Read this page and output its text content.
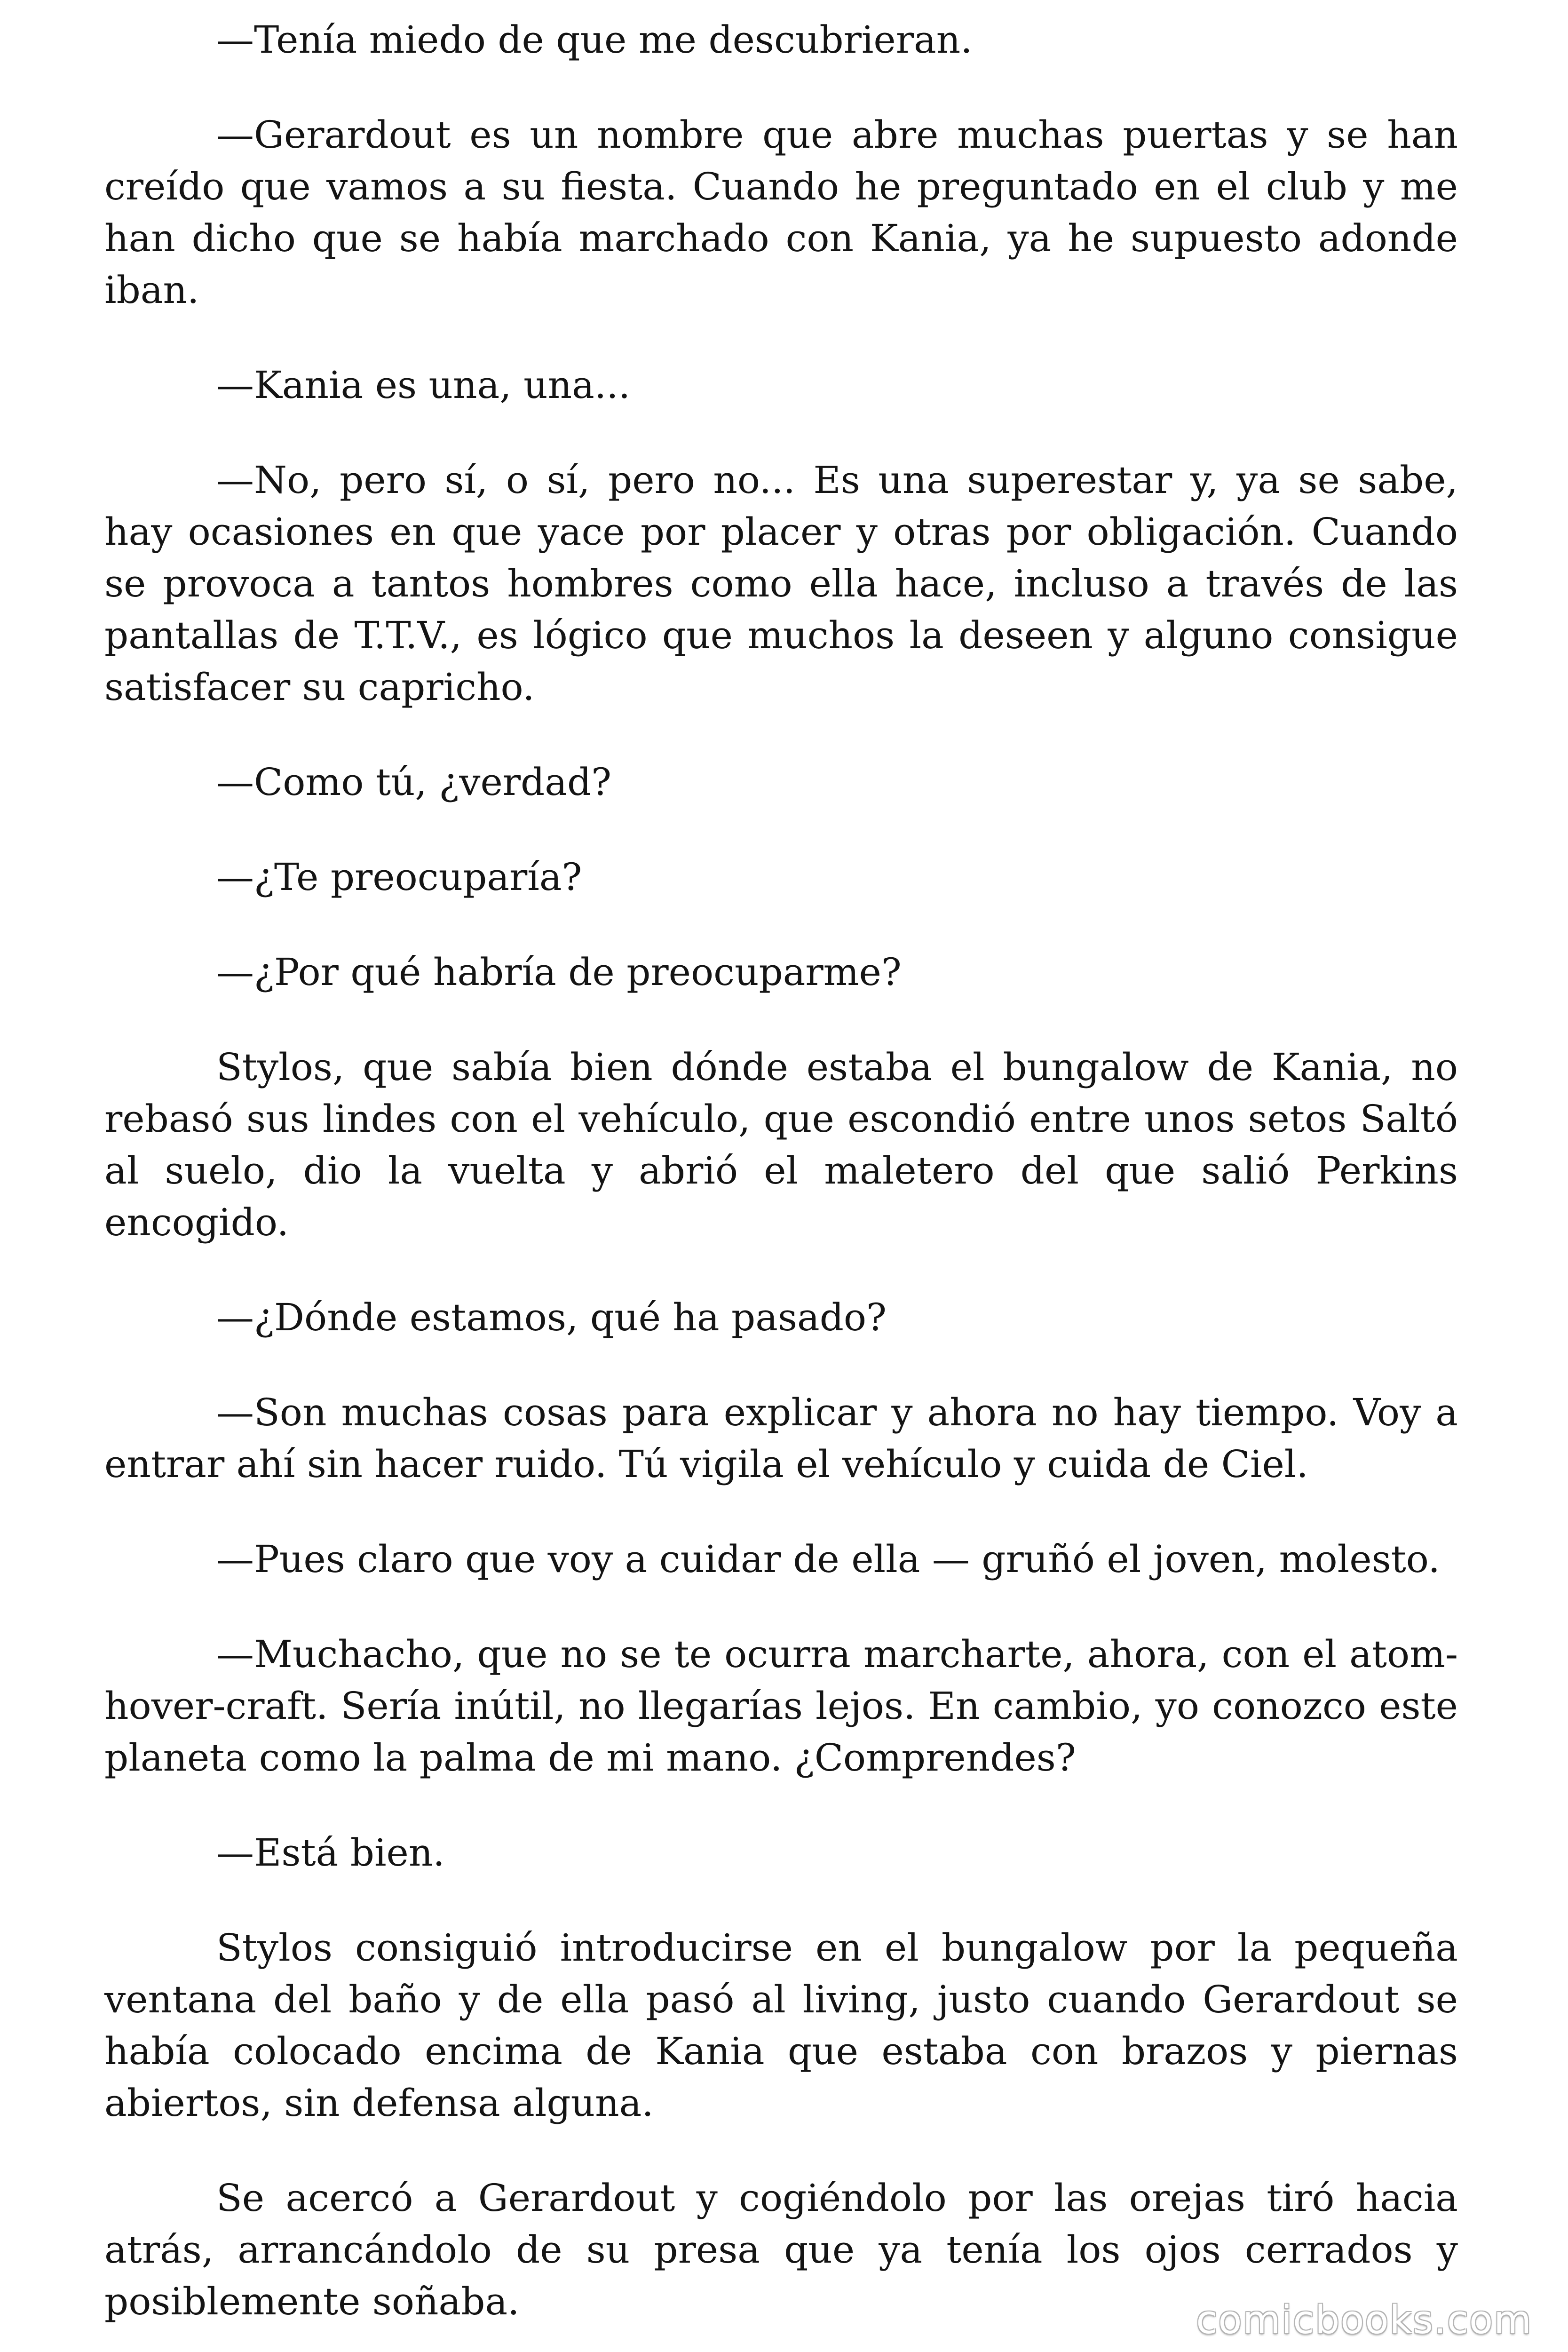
—Tenía miedo de que me descubrieran.

—Gerardout es un nombre que abre muchas puertas y se han creído que vamos a su fiesta. Cuando he preguntado en el club y me han dicho que se había marchado con Kania, ya he supuesto adonde iban.

—Kania es una, una...

—No, pero sí, o sí, pero no... Es una superestar y, ya se sabe, hay ocasiones en que yace por placer y otras por obligación. Cuando se provoca a tantos hombres como ella hace, incluso a través de las pantallas de T.T.V., es lógico que muchos la deseen y alguno consigue satisfacer su capricho.

—Como tú, ¿verdad?

—¿Te preocuparía?

—¿Por qué habría de preocuparme?

Stylos, que sabía bien dónde estaba el bungalow de Kania, no rebasó sus lindes con el vehículo, que escondió entre unos setos Saltó al suelo, dio la vuelta y abrió el maletero del que salió Perkins encogido.

—¿Dónde estamos, qué ha pasado?

—Son muchas cosas para explicar y ahora no hay tiempo. Voy a entrar ahí sin hacer ruido. Tú vigila el vehículo y cuida de Ciel.

—Pues claro que voy a cuidar de ella — gruñó el joven, molesto.

—Muchacho, que no se te ocurra marcharte, ahora, con el atomhover-craft. Sería inútil, no llegarías lejos. En cambio, yo conozco este planeta como la palma de mi mano. ¿Comprendes?

—Está bien.

Stylos consiguió introducirse en el bungalow por la pequeña ventana del baño y de ella pasó al living, justo cuando Gerardout se había colocado encima de Kania que estaba con brazos y piernas abiertos, sin defensa alguna.

Se acercó a Gerardout y cogiéndolo por las orejas tiró hacia atrás, arrancándolo de su presa que ya tenía los ojos cerrados y posiblemente soñaba.	comicbooks.com
